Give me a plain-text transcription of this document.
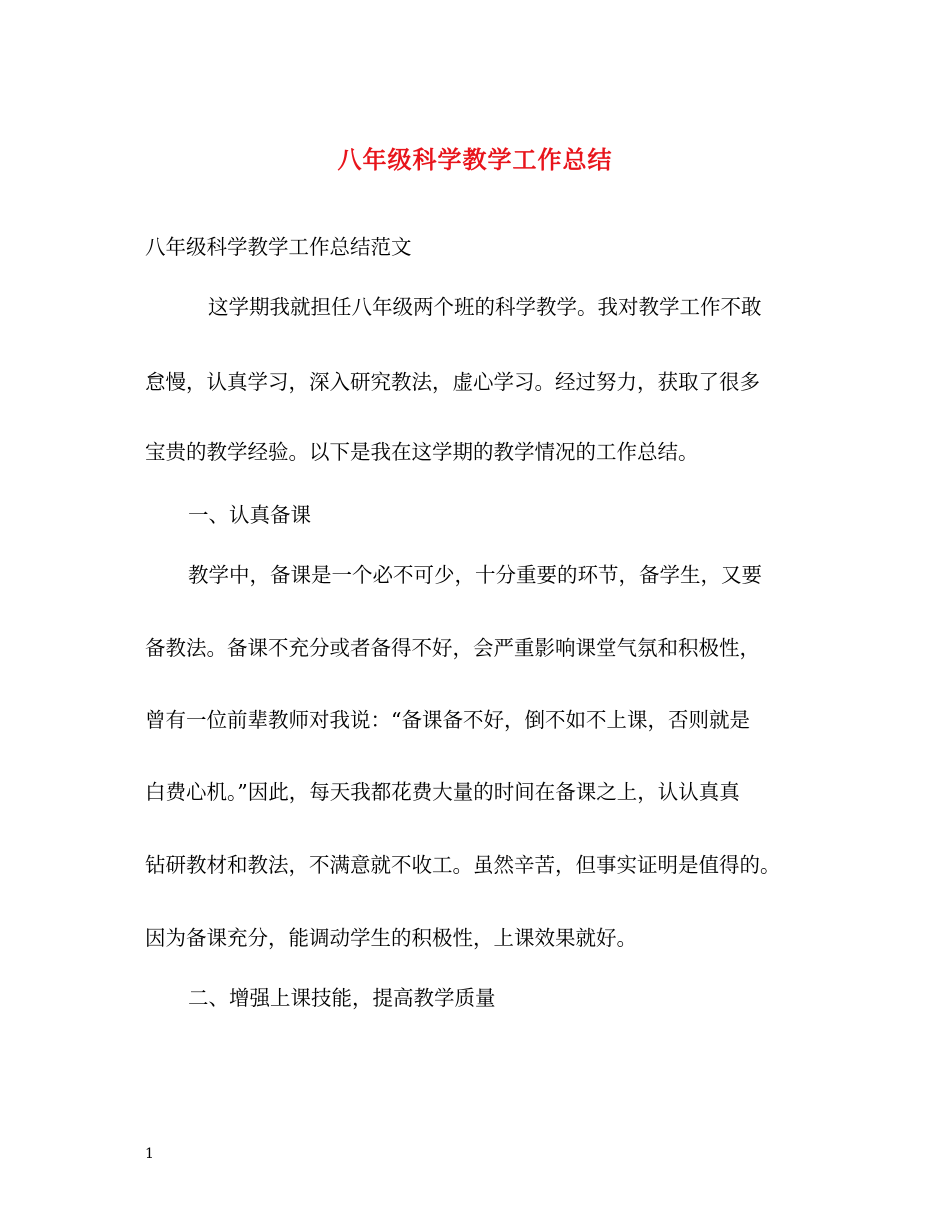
八年级科学教学工作总结
八年级科学教学工作总结范文
这学期我就担任八年级两个班的科学教学。我对教学工作不敢
怠慢，认真学习，深入研究教法，虚心学习。经过努力，获取了很多
宝贵的教学经验。以下是我在这学期的教学情况的工作总结。
一、认真备课
教学中，备课是一个必不可少，十分重要的环节，备学生，又要
备教法。备课不充分或者备得不好，会严重影响课堂气氛和积极性，
曾有一位前辈教师对我说：“备课备不好，倒不如不上课，否则就是
白费心机。”因此，每天我都花费大量的时间在备课之上，认认真真
钻研教材和教法，不满意就不收工。虽然辛苦，但事实证明是值得的。
因为备课充分，能调动学生的积极性，上课效果就好。
二、增强上课技能，提高教学质量
1
